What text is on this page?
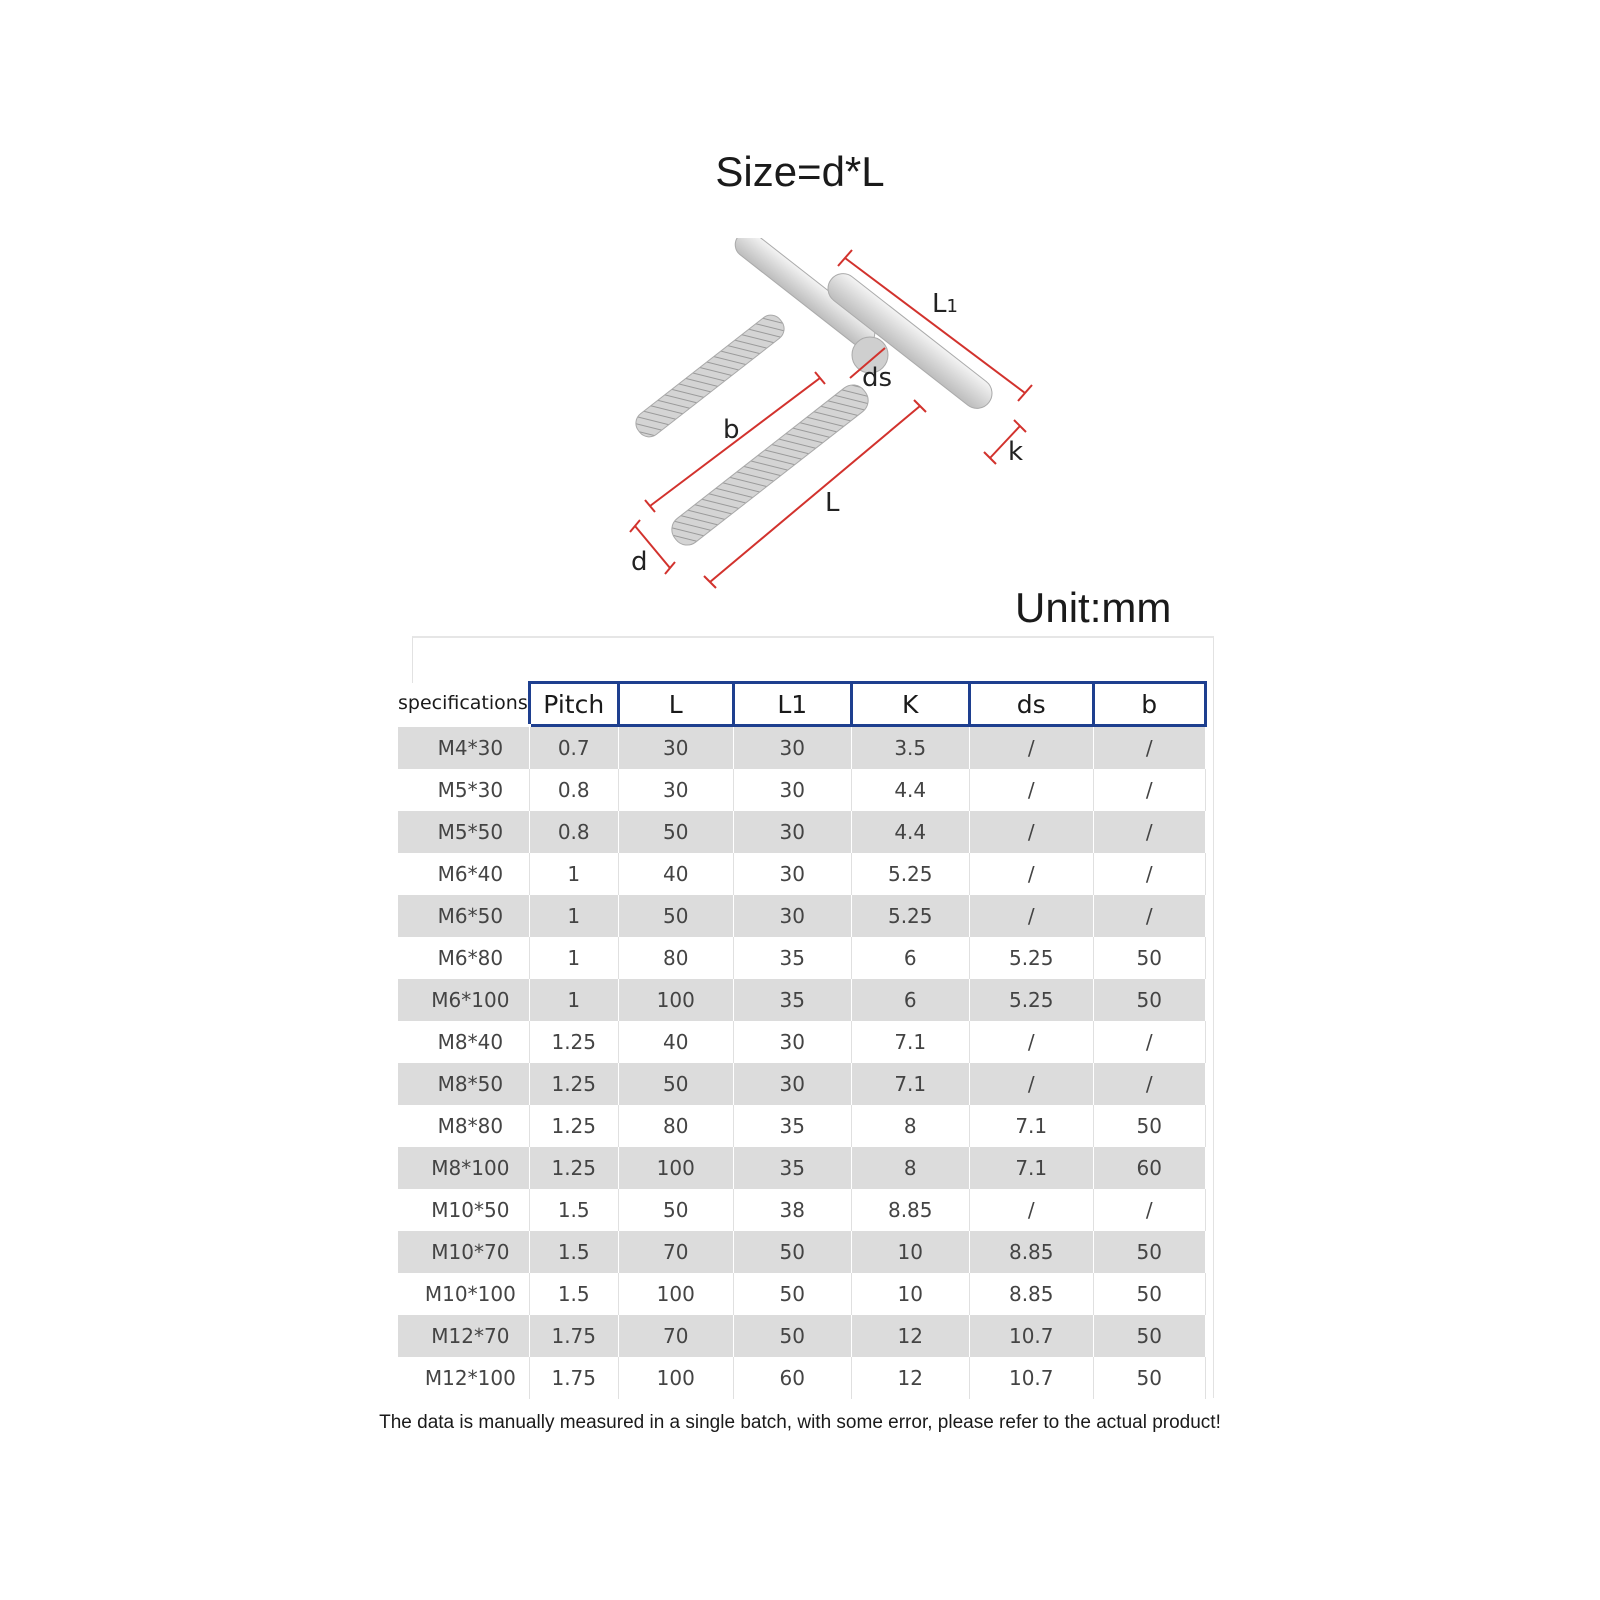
Size=d*L
L1
ds
b
k
L
d
Unit:mm
specifications	Pitch	L	L1	K	ds	b
M4*30	0.7	30	30	3.5	/	/
M5*30	0.8	30	30	4.4	/	/
M5*50	0.8	50	30	4.4	/	/
M6*40	1	40	30	5.25	/	/
M6*50	1	50	30	5.25	/	/
M6*80	1	80	35	6	5.25	50
M6*100	1	100	35	6	5.25	50
M8*40	1.25	40	30	7.1	/	/
M8*50	1.25	50	30	7.1	/	/
M8*80	1.25	80	35	8	7.1	50
M8*100	1.25	100	35	8	7.1	60
M10*50	1.5	50	38	8.85	/	/
M10*70	1.5	70	50	10	8.85	50
M10*100	1.5	100	50	10	8.85	50
M12*70	1.75	70	50	12	10.7	50
M12*100	1.75	100	60	12	10.7	50
The data is manually measured in a single batch, with some error, please refer to the actual product!
